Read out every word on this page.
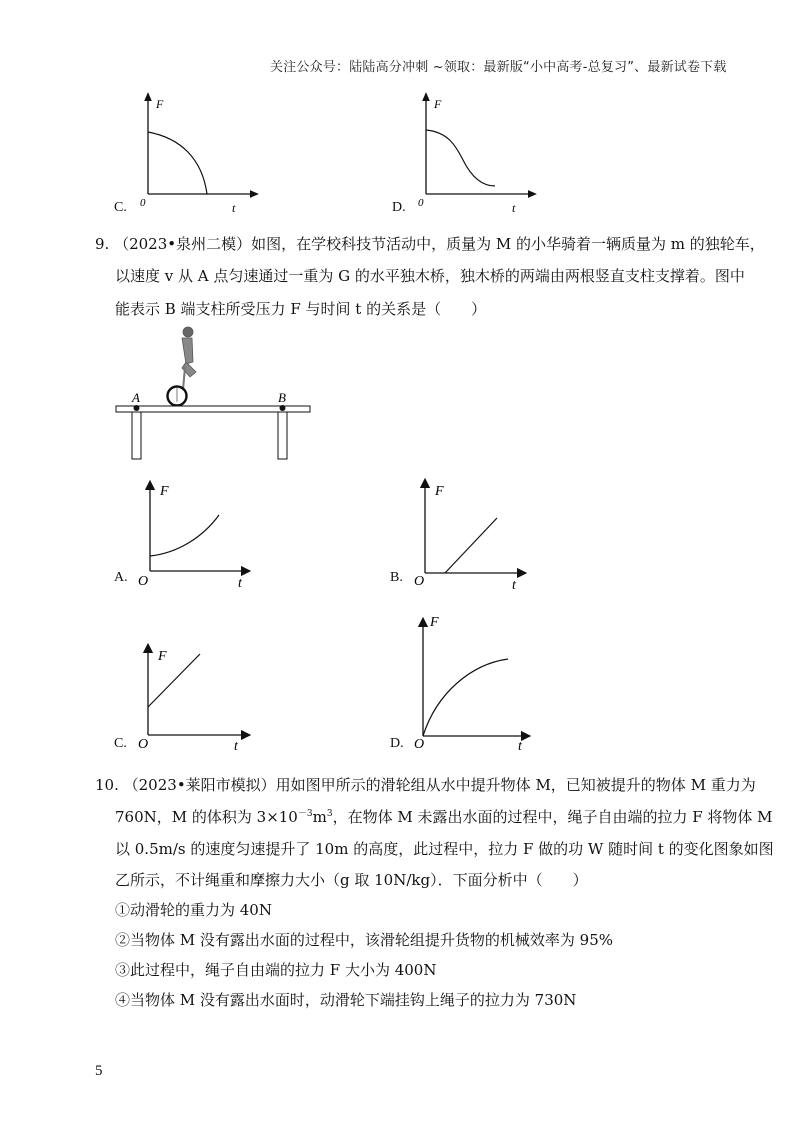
关注公众号：陆陆高分冲刺 ~领取：最新版“小中高考-总复习”、最新试卷下载
F
t
0
C.
F
t
0
D.
9. （2023•泉州二模）如图，在学校科技节活动中，质量为 M 的小华骑着一辆质量为 m 的独轮车，
以速度 v 从 A 点匀速通过一重为 G 的水平独木桥，独木桥的两端由两根竖直支柱支撑着。图中
能表示 B 端支柱所受压力 F 与时间 t 的关系是（　　）
A	B
F
t
O
A.
F
t
O
B.
F
t
O
C.
F
t
O
D.
10. （2023•莱阳市模拟）用如图甲所示的滑轮组从水中提升物体 M，已知被提升的物体 M 重力为
760N，M 的体积为 $3\times 10^{-3}m^3$，在物体 M 未露出水面的过程中，绳子自由端的拉力 F 将物体 M
以 0.5m/s 的速度匀速提升了 10m 的高度，此过程中，拉力 F 做的功 W 随时间 t 的变化图象如图
乙所示，不计绳重和摩擦力大小（g 取 10N/kg）．下面分析中（　　）
①动滑轮的重力为 40N
②当物体 M 没有露出水面的过程中，该滑轮组提升货物的机械效率为 95%
③此过程中，绳子自由端的拉力 F 大小为 400N
④当物体 M 没有露出水面时，动滑轮下端挂钩上绳子的拉力为 730N
5
